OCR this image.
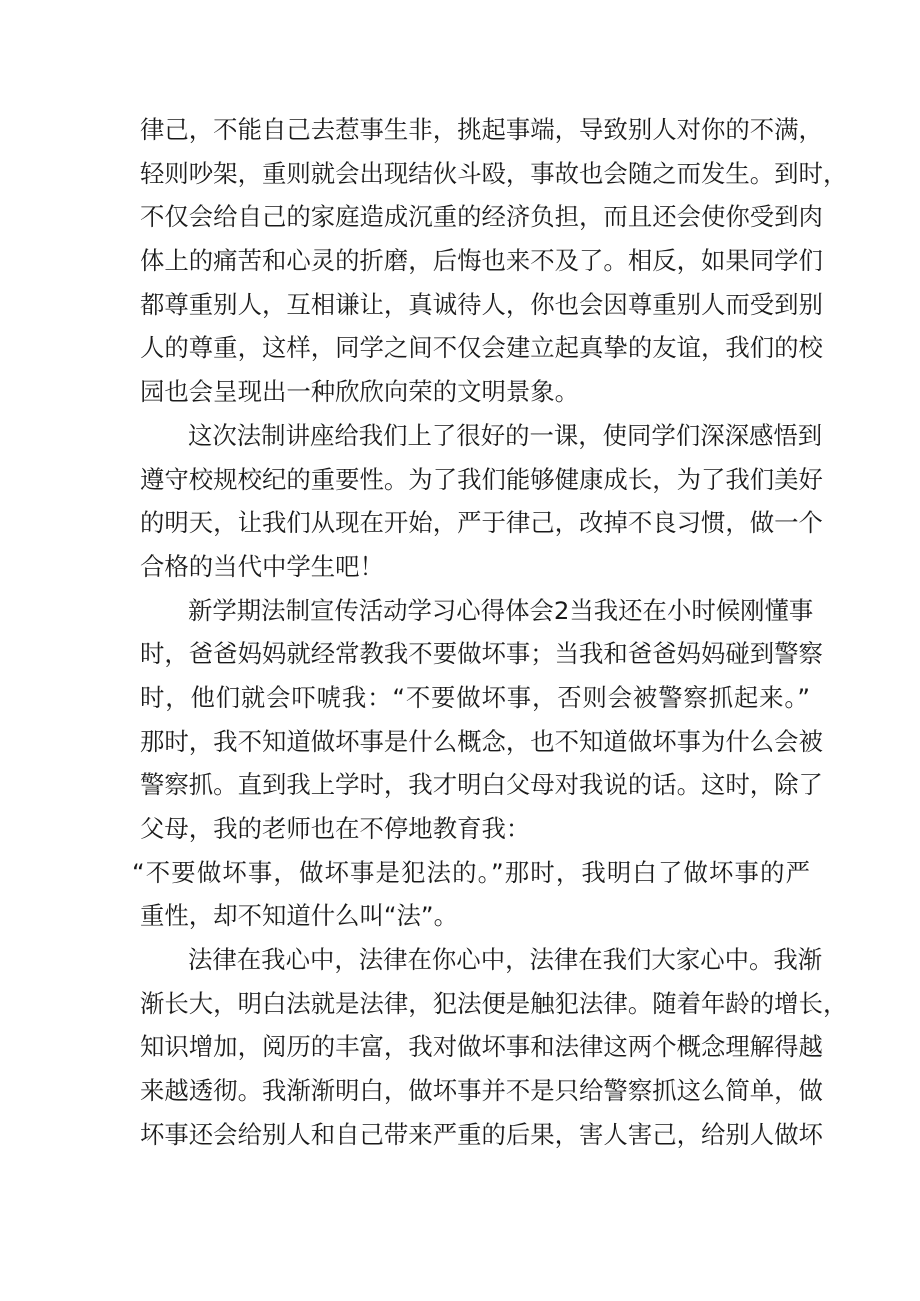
律己，不能自己去惹事生非，挑起事端，导致别人对你的不满，
轻则吵架，重则就会出现结伙斗殴，事故也会随之而发生。到时，
不仅会给自己的家庭造成沉重的经济负担，而且还会使你受到肉
体上的痛苦和心灵的折磨，后悔也来不及了。相反，如果同学们
都尊重别人，互相谦让，真诚待人，你也会因尊重别人而受到别
人的尊重，这样，同学之间不仅会建立起真挚的友谊，我们的校
园也会呈现出一种欣欣向荣的文明景象。
这次法制讲座给我们上了很好的一课，使同学们深深感悟到
遵守校规校纪的重要性。为了我们能够健康成长，为了我们美好
的明天，让我们从现在开始，严于律己，改掉不良习惯，做一个
合格的当代中学生吧！
新学期法制宣传活动学习心得体会2当我还在小时候刚懂事
时，爸爸妈妈就经常教我不要做坏事；当我和爸爸妈妈碰到警察
时，他们就会吓唬我：“不要做坏事，否则会被警察抓起来。”
那时，我不知道做坏事是什么概念，也不知道做坏事为什么会被
警察抓。直到我上学时，我才明白父母对我说的话。这时，除了
父母，我的老师也在不停地教育我：
“不要做坏事，做坏事是犯法的。”那时，我明白了做坏事的严
重性，却不知道什么叫“法”。
法律在我心中，法律在你心中，法律在我们大家心中。我渐
渐长大，明白法就是法律，犯法便是触犯法律。随着年龄的增长，
知识增加，阅历的丰富，我对做坏事和法律这两个概念理解得越
来越透彻。我渐渐明白，做坏事并不是只给警察抓这么简单，做
坏事还会给别人和自己带来严重的后果，害人害己，给别人做坏
